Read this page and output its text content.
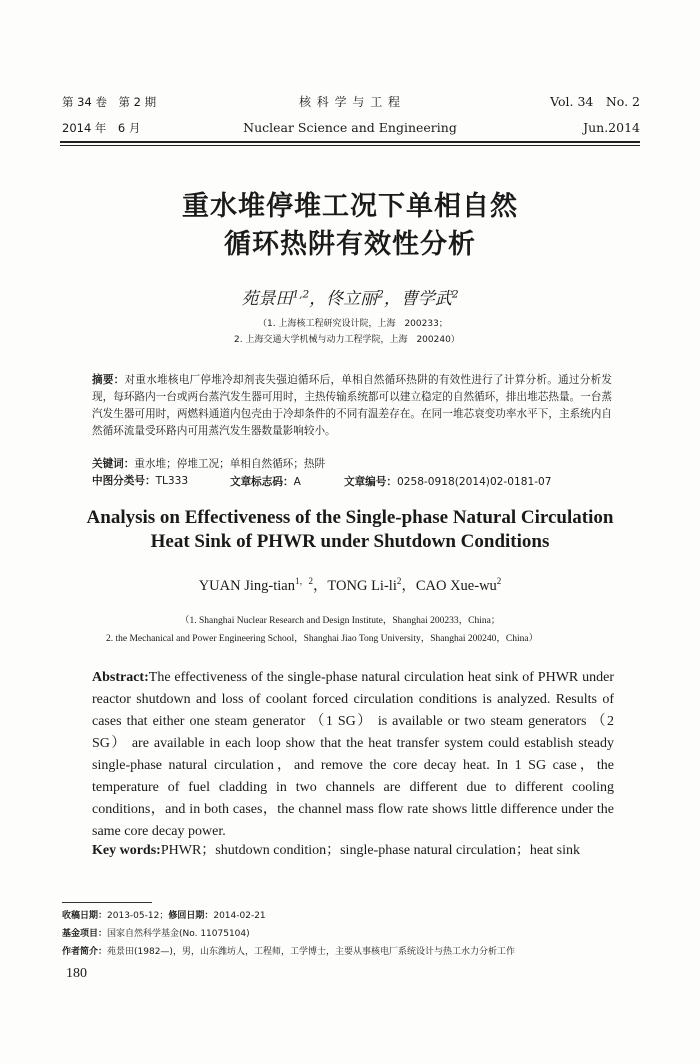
第 34 卷　第 2 期
2014 年　6 月
核 科 学 与 工 程
Nuclear Science and Engineering
Vol. 34　No. 2
Jun.2014
重水堆停堆工况下单相自然
循环热阱有效性分析
苑景田$^{1,2}$，佟立丽$^2$，曹学武$^2$
（1. 上海核工程研究设计院，上海　200233；
2. 上海交通大学机械与动力工程学院，上海　200240）
摘要：对重水堆核电厂停堆冷却剂丧失强迫循环后，单相自然循环热阱的有效性进行了计算分析。通过分析发现，每环路内一台或两台蒸汽发生器可用时，主热传输系统都可以建立稳定的自然循环，排出堆芯热量。一台蒸汽发生器可用时，两燃料通道内包壳由于冷却条件的不同有温差存在。在同一堆芯衰变功率水平下，主系统内自然循环流量受环路内可用蒸汽发生器数量影响较小。
关键词：重水堆；停堆工况；单相自然循环；热阱
中图分类号：TL333	文章标志码：A	文章编号：0258-0918(2014)02-0181-07
Analysis on Effectiveness of the Single-phase Natural Circulation
Heat Sink of PHWR under Shutdown Conditions
YUAN Jing-tian$^{1,2}$，TONG $Li-li^2$，CAO Xue-$wu^2$
（1. Shanghai Nuclear Research and Design Institute，Shanghai 200233，China；
2. the Mechanical and Power Engineering School，Shanghai Jiao Tong University，Shanghai 200240，China）
Abstract:The effectiveness of the single-phase natural circulation heat sink of PHWR under reactor shutdown and loss of coolant forced circulation conditions is analyzed. Results of cases that either one steam generator （1 SG） is available or two steam generators （2 SG） are available in each loop show that the heat transfer system could establish steady single-phase natural circulation，and remove the core decay heat. In 1 SG case，the temperature of fuel cladding in two channels are different due to different cooling conditions，and in both cases，the channel mass flow rate shows little difference under the same core decay power.
Key words:PHWR；shutdown condition；single-phase natural circulation；heat sink
收稿日期：2013-05-12；修回日期：2014-02-21
基金项目：国家自然科学基金(No. 11075104)
作者简介：苑景田(1982—)，男，山东潍坊人，工程师，工学博士，主要从事核电厂系统设计与热工水力分析工作
180
